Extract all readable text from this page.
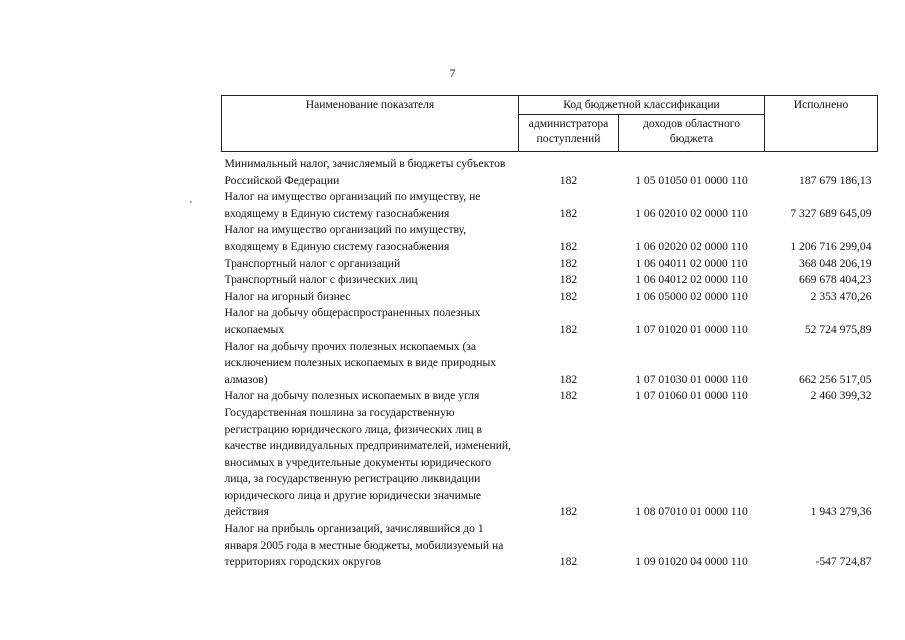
7
'
Наименование показателя	Код бюджетной классификации		Исполнено
	администратора поступлений	доходов областного бюджета	
Минимальный налог, зачисляемый в бюджеты субъектов Российской Федерации	182	1 05 01050 01 0000 110	187 679 186,13
Налог на имущество организаций по имуществу, не входящему в Единую систему газоснабжения	182	1 06 02010 02 0000 110	7 327 689 645,09
Налог на имущество организаций по имуществу, входящему в Единую систему газоснабжения	182	1 06 02020 02 0000 110	1 206 716 299,04
Транспортный налог с организаций	182	1 06 04011 02 0000 110	368 048 206,19
Транспортный налог с физических лиц	182	1 06 04012 02 0000 110	669 678 404,23
Налог на игорный бизнес	182	1 06 05000 02 0000 110	2 353 470,26
Налог на добычу общераспространенных полезных ископаемых	182	1 07 01020 01 0000 110	52 724 975,89
Налог на добычу прочих полезных ископаемых (за исключением полезных ископаемых в виде природных алмазов)	182	1 07 01030 01 0000 110	662 256 517,05
Налог на добычу полезных ископаемых в виде угля	182	1 07 01060 01 0000 110	2 460 399,32
Государственная пошлина за государственную регистрацию юридического лица, физических лиц в качестве индивидуальных предпринимателей, изменений, вносимых в учредительные документы юридического лица, за государственную регистрацию ликвидации юридического лица и другие юридически значимые действия	182	1 08 07010 01 0000 110	1 943 279,36
Налог на прибыль организаций, зачислявшийся до 1 января 2005 года в местные бюджеты, мобилизуемый на территориях городских округов	182	1 09 01020 04 0000 110	-547 724,87
